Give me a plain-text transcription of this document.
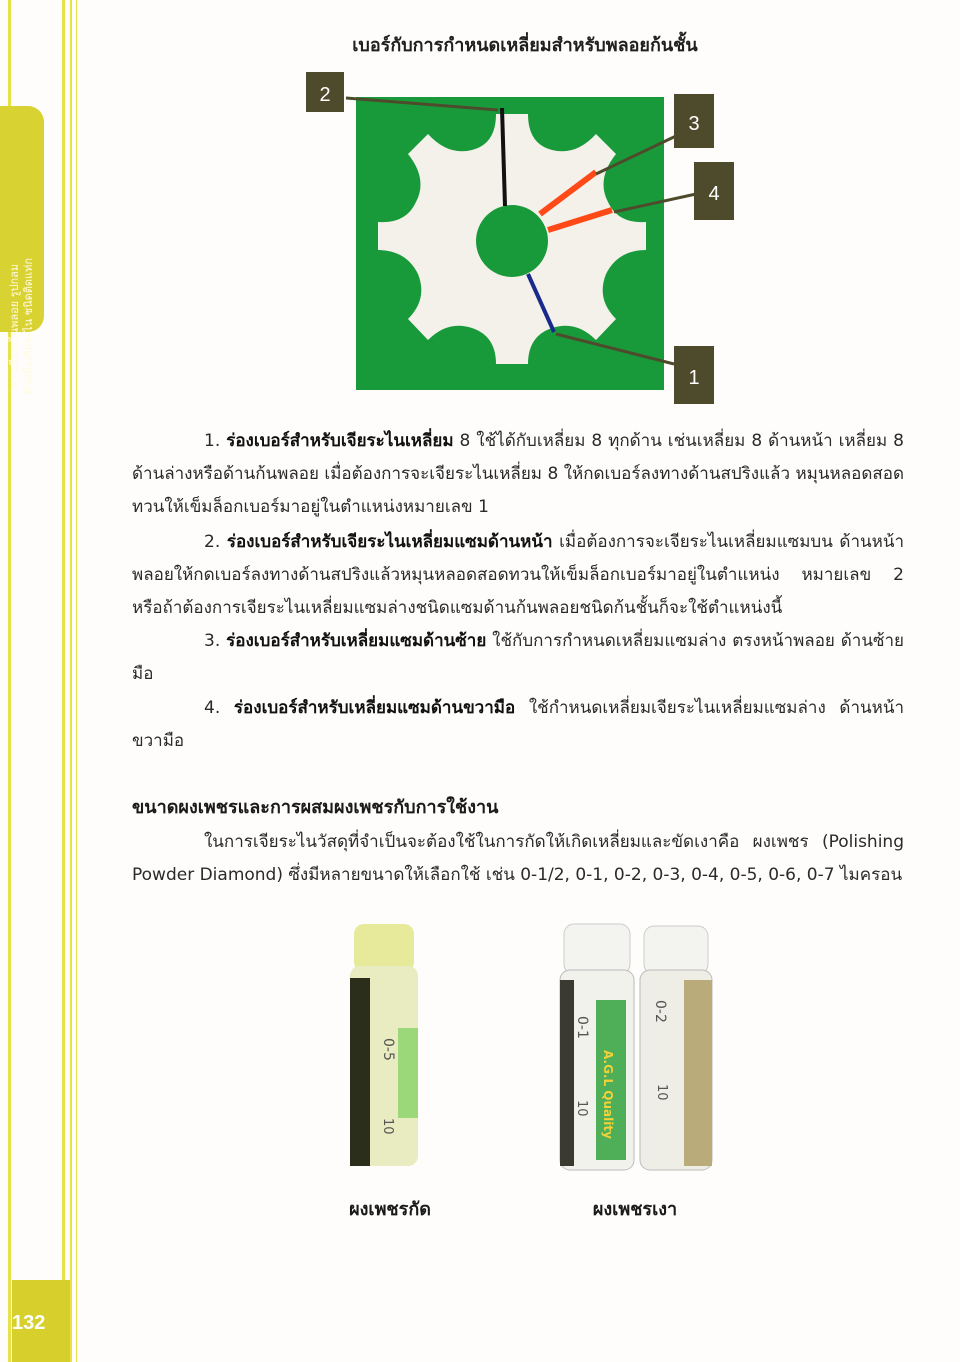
การเจียระไนพลอย รูปกลม ด้วยมือเจียระไน ชนิดติดแท่ก
132
เบอร์กับการกำหนดเหลี่ยมสำหรับพลอยก้นชั้น
2
3
4
1
1. ร่องเบอร์สำหรับเจียระไนเหลี่ยม 8 ใช้ได้กับเหลี่ยม 8 ทุกด้าน เช่นเหลี่ยม 8 ด้านหน้า เหลี่ยม 8 ด้านล่างหรือด้านก้นพลอย เมื่อต้องการจะเจียระไนเหลี่ยม 8 ให้กดเบอร์ลงทางด้านสปริงแล้ว หมุนหลอดสอดทวนให้เข็มล็อกเบอร์มาอยู่ในตำแหน่งหมายเลข 1
2. ร่องเบอร์สำหรับเจียระไนเหลี่ยมแซมด้านหน้า เมื่อต้องการจะเจียระไนเหลี่ยมแซมบน ด้านหน้าพลอยให้กดเบอร์ลงทางด้านสปริงแล้วหมุนหลอดสอดทวนให้เข็มล็อกเบอร์มาอยู่ในตำแหน่ง หมายเลข 2 หรือถ้าต้องการเจียระไนเหลี่ยมแซมล่างชนิดแซมด้านก้นพลอยชนิดก้นชั้นก็จะใช้ตำแหน่งนี้
3. ร่องเบอร์สำหรับเหลี่ยมแซมด้านซ้าย ใช้กับการกำหนดเหลี่ยมแซมล่าง ตรงหน้าพลอย ด้านซ้ายมือ
4. ร่องเบอร์สำหรับเหลี่ยมแซมด้านขวามือ ใช้กำหนดเหลี่ยมเจียระไนเหลี่ยมแซมล่าง ด้านหน้าขวามือ
ขนาดผงเพชรและการผสมผงเพชรกับการใช้งาน
ในการเจียระไนวัสดุที่จำเป็นจะต้องใช้ในการกัดให้เกิดเหลี่ยมและขัดเงาคือ ผงเพชร (Polishing Powder Diamond) ซึ่งมีหลายขนาดให้เลือกใช้ เช่น 0-1/2, 0-1, 0-2, 0-3, 0-4, 0-5, 0-6, 0-7 ไมครอน
0-5
10
0-1
10 A.G.L Quality
0-2
10
ผงเพชรกัด	ผงเพชรเงา
